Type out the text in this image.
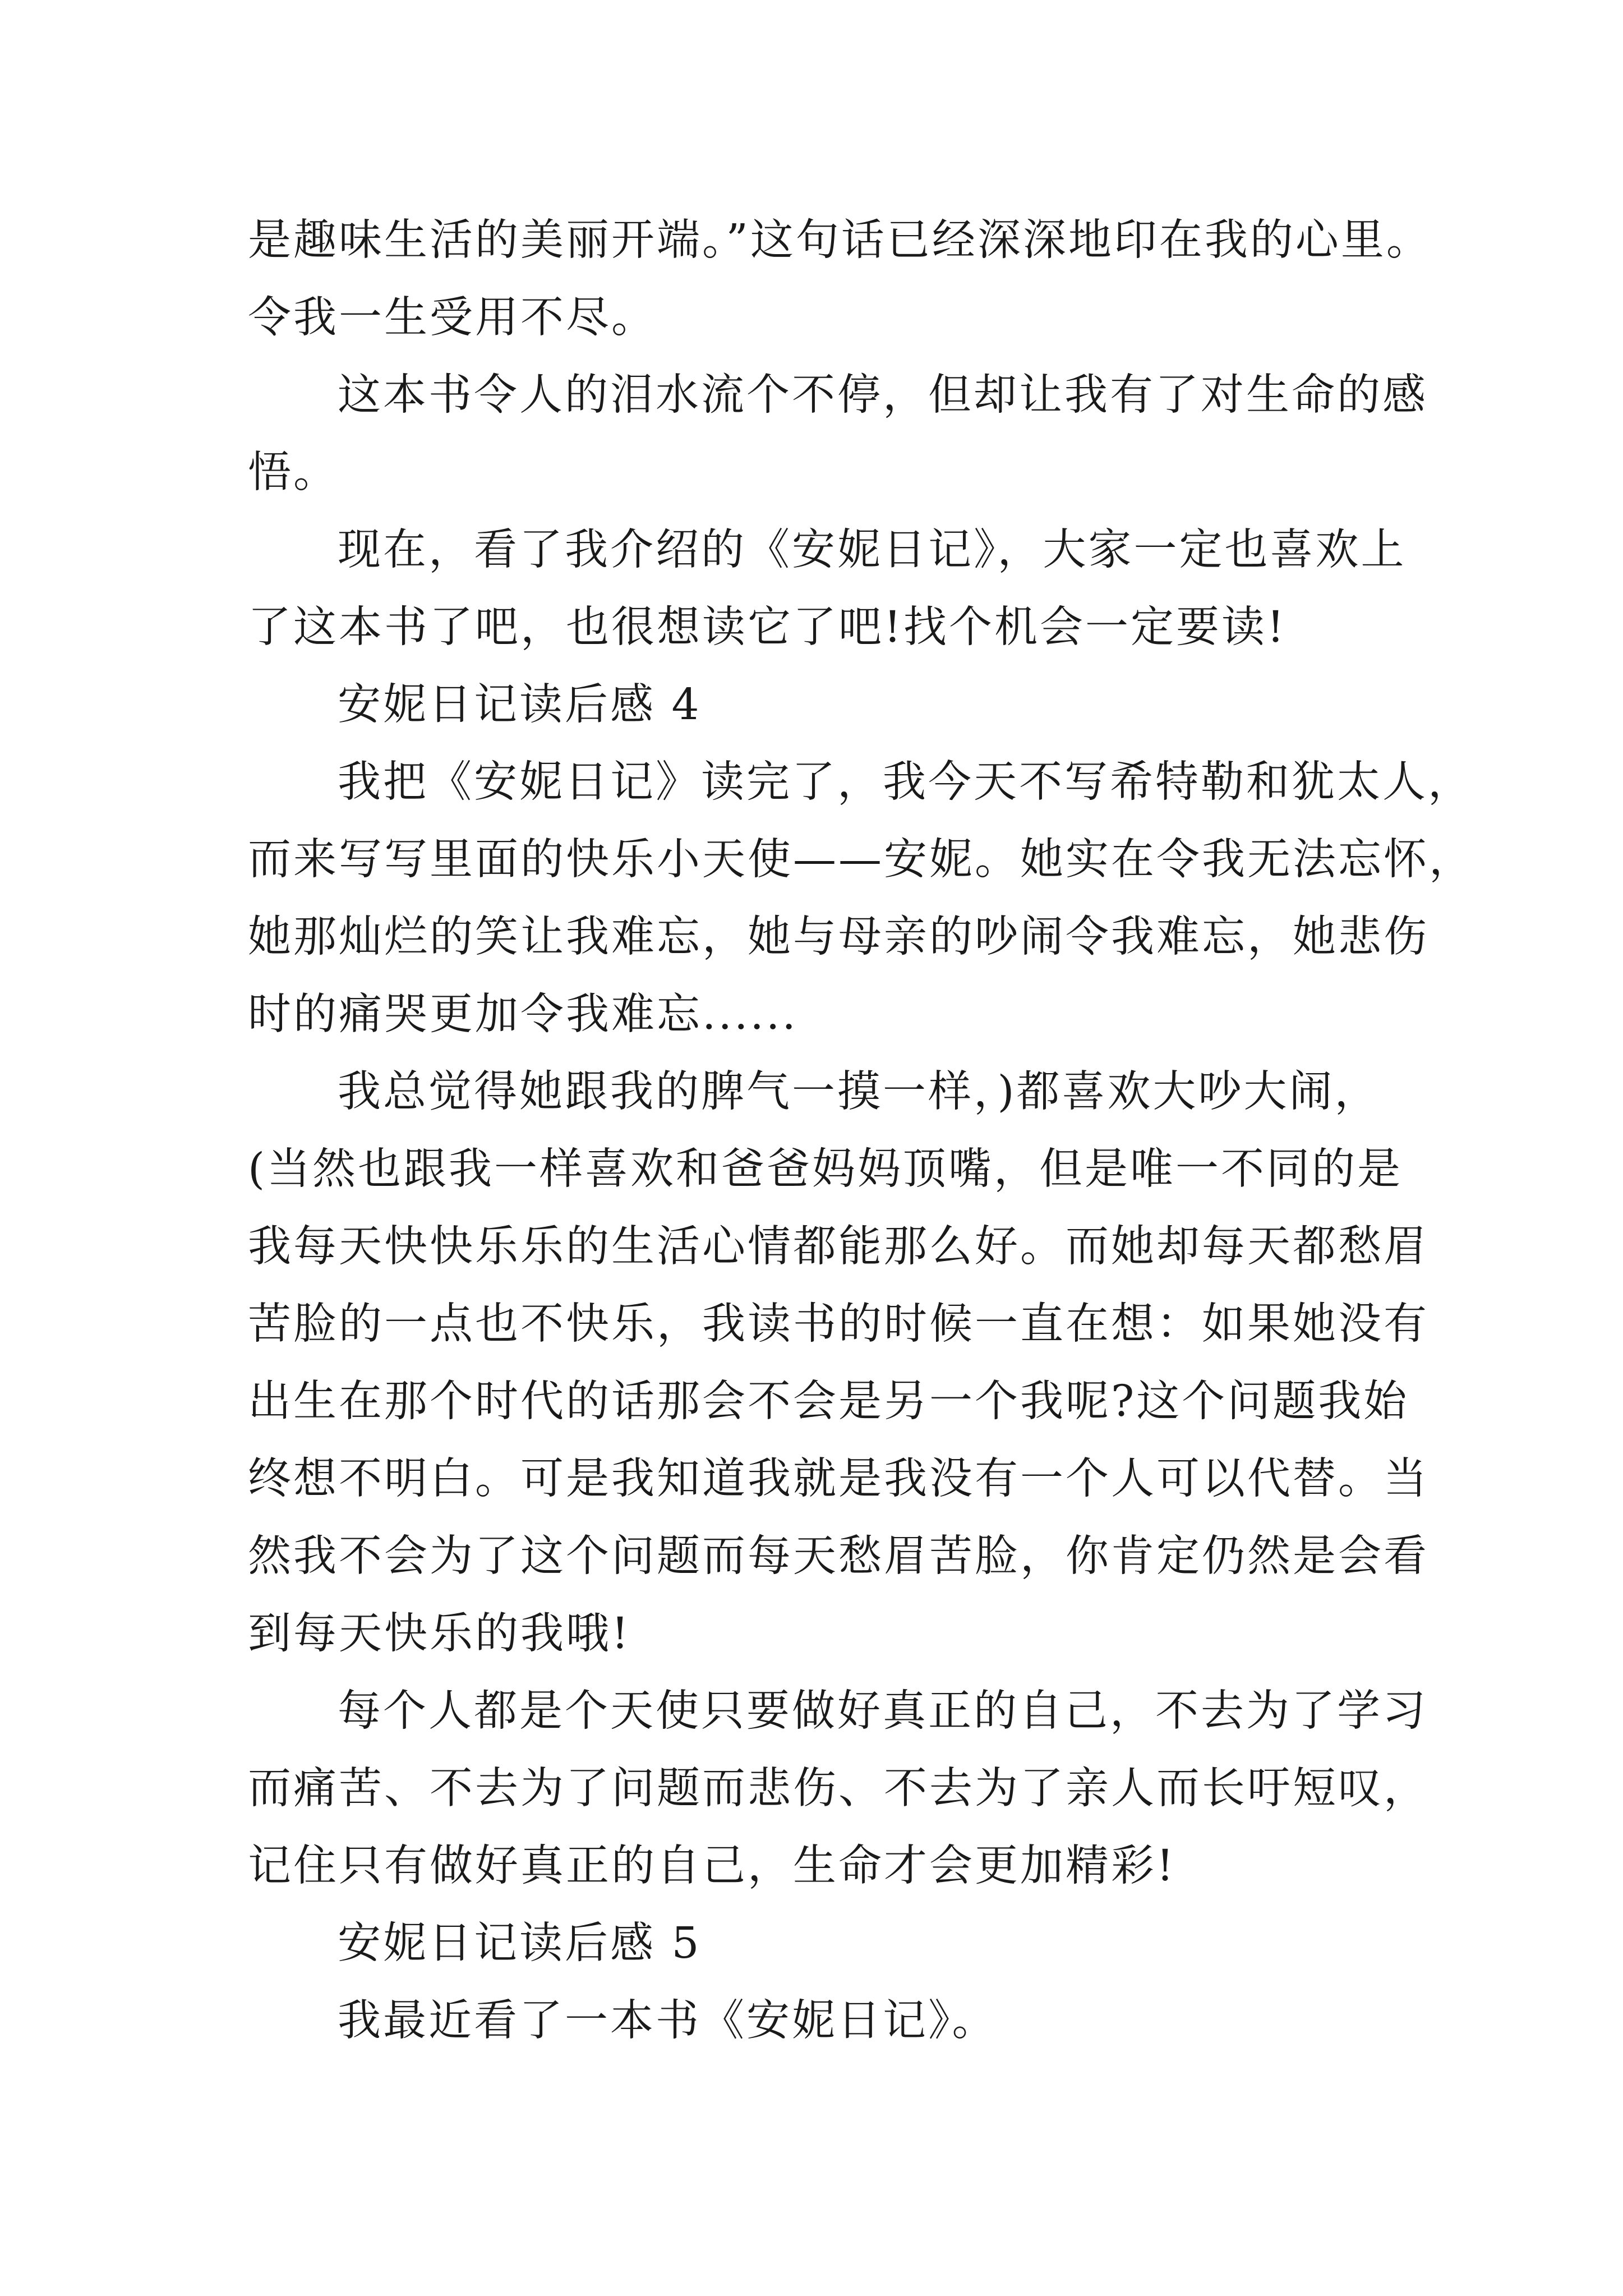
是趣味生活的美丽开端。”这句话已经深深地印在我的心里。
令我一生受用不尽。
这本书令人的泪水流个不停，但却让我有了对生命的感
悟。
现在，看了我介绍的《安妮日记》，大家一定也喜欢上
了这本书了吧，也很想读它了吧!找个机会一定要读!
安妮日记读后感 4
我把《安妮日记》读完了，我今天不写希特勒和犹太人，
而来写写里面的快乐小天使——安妮。她实在令我无法忘怀，
她那灿烂的笑让我难忘，她与母亲的吵闹令我难忘，她悲伤
时的痛哭更加令我难忘......
我总觉得她跟我的脾气一摸一样，)都喜欢大吵大闹，
(当然也跟我一样喜欢和爸爸妈妈顶嘴，但是唯一不同的是
我每天快快乐乐的生活心情都能那么好。而她却每天都愁眉
苦脸的一点也不快乐，我读书的时候一直在想：如果她没有
出生在那个时代的话那会不会是另一个我呢?这个问题我始
终想不明白。可是我知道我就是我没有一个人可以代替。当
然我不会为了这个问题而每天愁眉苦脸，你肯定仍然是会看
到每天快乐的我哦!
每个人都是个天使只要做好真正的自己，不去为了学习
而痛苦、不去为了问题而悲伤、不去为了亲人而长吁短叹，
记住只有做好真正的自己，生命才会更加精彩!
安妮日记读后感 5
我最近看了一本书《安妮日记》。
